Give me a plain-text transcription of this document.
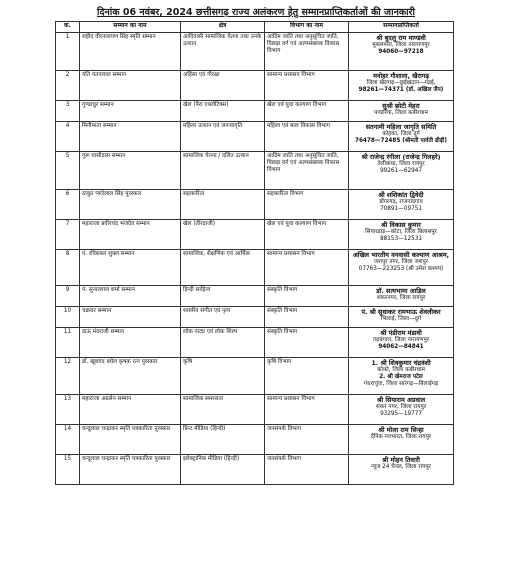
दिनांक 06 नवंबर, 2024 छत्तीसगढ़ राज्य अलंकरण हेतु सम्मानप्राप्तिकर्ताओं की जानकारी
क.	सम्मान का नाम	क्षेत्र	विभाग का नाम	सम्मानप्राप्तिकर्ता
1	शहीद वीरनारायण सिंह स्मृति सम्मान	आदिवासी सामाजिक चेतना तथा उनके उत्थान	आदिम जाति तथा अनुसूचित जाति, पिछड़ा वर्ग एवं अल्पसंख्यक विकास विभाग	श्री बुदलु राम माण्डवी
मुकमपारा, जिला नारायणपुर
94060—97218

2	यति यतनलाल सम्मान	अहिंसा एवं गौरक्षा	सामान्य प्रशासन विभाग	मनोहर गौशाला, खैरागढ़
जिला खैरागढ़—छुईखदान—गंडई,
98261—74371 (डॉ. अखिल जैन)

3	गुण्डाधुर सम्मान	खेल (पैरा एथलेटिक्स)	खेल एवं युवा कल्याण विभाग	सुश्री छोटी मेहरा
पण्डरिया, जिला कबीरधाम

4	मिनीमाता सम्मान	महिला उत्थान एवं जनजागृति	महिला एवं बाल विकास विभाग	सतनामी महिला जागृति समिति
कोहका, जिला दुर्ग
76478—72485 (श्रीमती पार्वती ढीढ़ी)

5	गुरू घासीदास सम्मान	सामाजिक चेतना / दलित उत्थान	आदिम जाति तथा अनुसूचित जाति, पिछड़ा वर्ग एवं अल्पसंख्यक विकास विभाग	श्री राजेन्द्र रंगीला (राजेन्द्र गिलहरे)
तेलीबांधा, जिला रायपुर
99261—62947

6	ठाकुर प्यारेलाल सिंह पुरस्कार	सहकारिता	सहकारिता विभाग	श्री शशिकांत द्विवेदी
डोंगरगढ़, राजनांदगांव
70891—09751

7	महाराजा प्रवीरचंद भंजदेव सम्मान	खेल (तीरंदाजी)	खेल एवं युवा कल्याण विभाग	श्री विकास कुमार
सियारडांड़—कोटा, जिला बिलासपुर
88153—12531

8	पं. रविशंकर शुक्ल सम्मान	सामाजिक, शैक्षणिक एवं आर्थिक	सामान्य प्रशासन विभाग	अखिल भारतीय वनवासी कल्याण आश्रम,
जशपुर नगर, जिला जशपुर
07763—223253 (श्री उमेश कश्यप)

9	पं. सुन्दरलाल शर्मा सम्मान	हिन्दी साहित्य	संस्कृति विभाग	डॉ. सत्यभामा आडिल
शंकरनगर, जिला रायपुर

10	चक्रधर सम्मान	शास्त्रीय संगीत एवं नृत्य	संस्कृति विभाग	पं. श्री सुधाकर रामभाऊ शेवलीकर
भिलाई, जिला—दुर्ग

11	दाऊ मंदराजी सम्मान	लोक नाट्य एवं लोक शिल्प	संस्कृति विभाग	श्री पंडीराम मंडावी
गढ़बंगाल, जिला नारायणपुर
94062—84841

12	डॉ. खूबचंद बघेल कृषक रत्न पुरस्कार	कृषि	कृषि विभाग	1. श्री शिवकुमार चंद्रवंशी
कोको, जिला कबीरधाम
2. श्री खेमराज पटेल
गंधराचुंवा, जिला सारंगढ़—बिलाईगढ़

13	महाराजा अग्रसेन सम्मान	सामाजिक समरसता	सामान्य प्रशासन विभाग	श्री सियाराम अग्रवाल
शंकर नगर, जिला रायपुर
93295—19777

14	चन्दूलाल चन्द्राकर स्मृति पत्रकारिता पुरस्कार	प्रिन्ट मीडिया (हिन्दी)	जनसंपर्क विभाग	श्री मोला राम सिन्हा
दैनिक नवभारत, जिला रायपुर

15	चन्दूलाल चन्द्राकर स्मृति पत्रकारिता पुरस्कार	इलेक्ट्रानिक मीडिया (हिन्दी)	जनसंपर्क विभाग	श्री मोहन तिवारी
न्यूज 24 चैनल, जिला रायपुर
